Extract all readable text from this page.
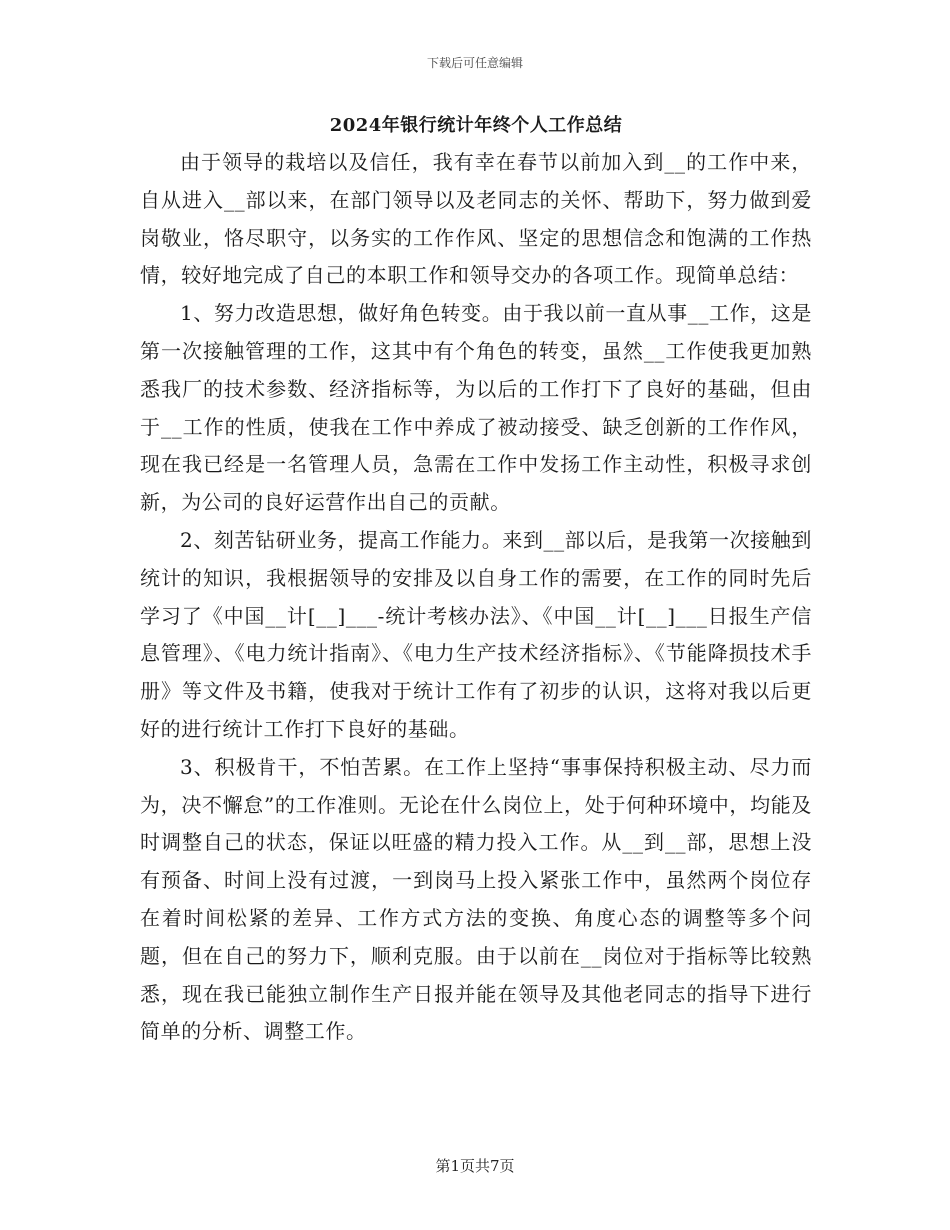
下载后可任意编辑
2024年银行统计年终个人工作总结

由于领导的栽培以及信任，我有幸在春节以前加入到__的工作中来，自从进入__部以来，在部门领导以及老同志的关怀、帮助下，努力做到爱岗敬业，恪尽职守，以务实的工作作风、坚定的思想信念和饱满的工作热情，较好地完成了自己的本职工作和领导交办的各项工作。现简单总结：

1、努力改造思想，做好角色转变。由于我以前一直从事__工作，这是第一次接触管理的工作，这其中有个角色的转变，虽然__工作使我更加熟悉我厂的技术参数、经济指标等，为以后的工作打下了良好的基础，但由于__工作的性质，使我在工作中养成了被动接受、缺乏创新的工作作风，现在我已经是一名管理人员，急需在工作中发扬工作主动性，积极寻求创新，为公司的良好运营作出自己的贡献。

2、刻苦钻研业务，提高工作能力。来到__部以后，是我第一次接触到统计的知识，我根据领导的安排及以自身工作的需要，在工作的同时先后学习了《中国__计[__]___-统计考核办法》、《中国__计[__]___日报生产信息管理》、《电力统计指南》、《电力生产技术经济指标》、《节能降损技术手册》等文件及书籍，使我对于统计工作有了初步的认识，这将对我以后更好的进行统计工作打下良好的基础。

3、积极肯干，不怕苦累。在工作上坚持“事事保持积极主动、尽力而为，决不懈怠”的工作准则。无论在什么岗位上，处于何种环境中，均能及时调整自己的状态，保证以旺盛的精力投入工作。从__到__部，思想上没有预备、时间上没有过渡，一到岗马上投入紧张工作中，虽然两个岗位存在着时间松紧的差异、工作方式方法的变换、角度心态的调整等多个问题，但在自己的努力下，顺利克服。由于以前在__岗位对于指标等比较熟悉，现在我已能独立制作生产日报并能在领导及其他老同志的指导下进行简单的分析、调整工作。

第1页共7页
